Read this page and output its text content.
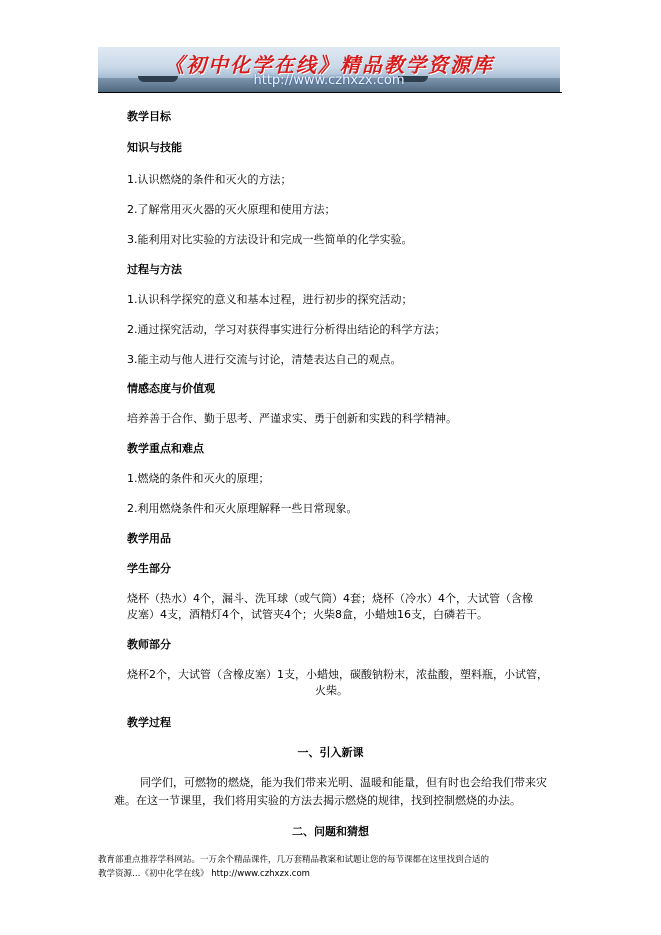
《初中化学在线》精品教学资源库
http://www.czhxzx.com
教学目标
知识与技能
1.认识燃烧的条件和灭火的方法；
2.了解常用灭火器的灭火原理和使用方法；
3.能利用对比实验的方法设计和完成一些简单的化学实验。
过程与方法
1.认识科学探究的意义和基本过程，进行初步的探究活动；
2.通过探究活动，学习对获得事实进行分析得出结论的科学方法；
3.能主动与他人进行交流与讨论，清楚表达自己的观点。
情感态度与价值观
培养善于合作、勤于思考、严谨求实、勇于创新和实践的科学精神。
教学重点和难点
1.燃烧的条件和灭火的原理；
2.利用燃烧条件和灭火原理解释一些日常现象。
教学用品
学生部分
烧杯（热水）4个，漏斗、洗耳球（或气筒）4套；烧杯（冷水）4个，大试管（含橡
皮塞）4支，酒精灯4个，试管夹4个；火柴8盒，小蜡烛16支，白磷若干。
教师部分
烧杯2个，大试管（含橡皮塞）1支，小蜡烛，碳酸钠粉末，浓盐酸，塑料瓶，小试管，
火柴。
教学过程
一、引入新课
同学们，可燃物的燃烧，能为我们带来光明、温暖和能量，但有时也会给我们带来灾
难。在这一节课里，我们将用实验的方法去揭示燃烧的规律，找到控制燃烧的办法。
二、问题和猜想
教育部重点推荐学科网站。一万余个精品课件，几万套精品教案和试题让您的每节课都在这里找到合适的
教学资源…《初中化学在线》 http://www.czhxzx.com
